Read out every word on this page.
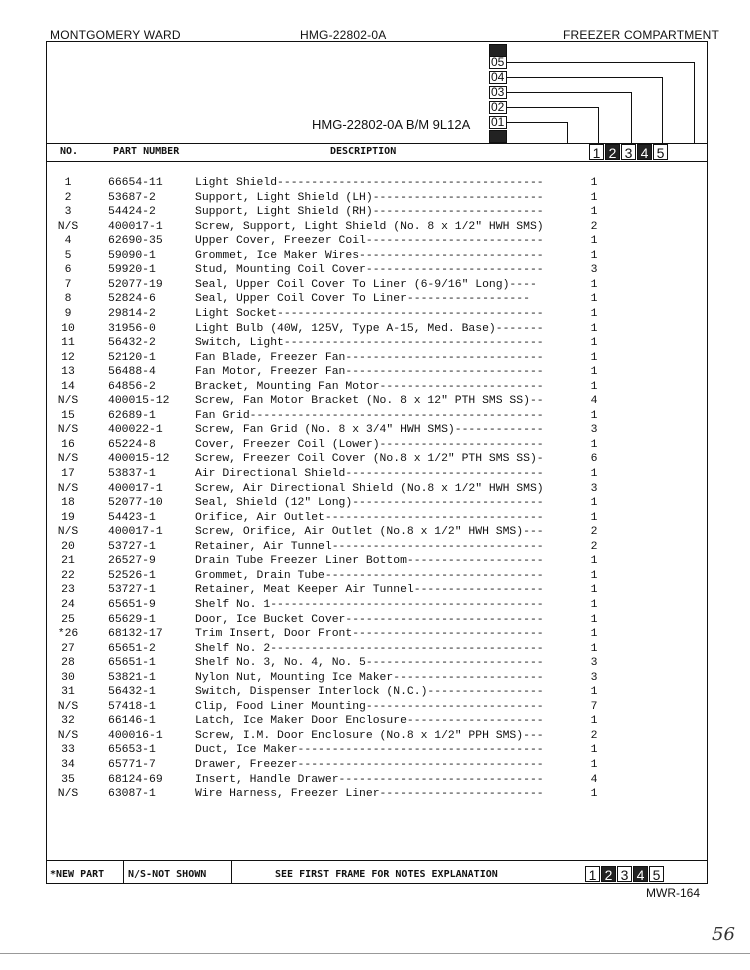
MONTGOMERY WARD	HMG-22802-0A	FREEZER COMPARTMENT
05
04
03
02
01
HMG-22802-0A B/M 9L12A
NO.	PART NUMBER	DESCRIPTION	1 2 3 4 5
1	66654-11	Light Shield---------------------------------------	1
2	53687-2	Support, Light Shield (LH)-------------------------	1
3	54424-2	Support, Light Shield (RH)-------------------------	1
N/S	400017-1	Screw, Support, Light Shield (No. 8 x 1/2" HWH SMS)	2
4	62690-35	Upper Cover, Freezer Coil--------------------------	1
5	59090-1	Grommet, Ice Maker Wires---------------------------	1
6	59920-1	Stud, Mounting Coil Cover--------------------------	3
7	52077-19	Seal, Upper Coil Cover To Liner (6-9/16" Long)----	1
8	52824-6	Seal, Upper Coil Cover To Liner------------------	1
9	29814-2	Light Socket---------------------------------------	1
10	31956-0	Light Bulb (40W, 125V, Type A-15, Med. Base)-------	1
11	56432-2	Switch, Light--------------------------------------	1
12	52120-1	Fan Blade, Freezer Fan-----------------------------	1
13	56488-4	Fan Motor, Freezer Fan-----------------------------	1
14	64856-2	Bracket, Mounting Fan Motor------------------------	1
N/S	400015-12 Screw, Fan Motor Bracket (No. 8 x 12" PTH SMS SS)--	4
15	62689-1	Fan Grid-------------------------------------------	1
N/S	400022-1	Screw, Fan Grid (No. 8 x 3/4" HWH SMS)-------------	3
16	65224-8	Cover, Freezer Coil (Lower)------------------------	1
N/S	400015-12 Screw, Freezer Coil Cover (No.8 x 1/2" PTH SMS SS)-	6
17	53837-1	Air Directional Shield-----------------------------	1
N/S	400017-1	Screw, Air Directional Shield (No.8 x 1/2" HWH SMS)	3
18	52077-10	Seal, Shield (12" Long)----------------------------	1
19	54423-1	Orifice, Air Outlet--------------------------------	1
N/S	400017-1	Screw, Orifice, Air Outlet (No.8 x 1/2" HWH SMS)---	2
20	53727-1	Retainer, Air Tunnel-------------------------------	2
21	26527-9	Drain Tube Freezer Liner Bottom--------------------	1
22	52526-1	Grommet, Drain Tube--------------------------------	1
23	53727-1	Retainer, Meat Keeper Air Tunnel-------------------	1
24	65651-9	Shelf No. 1----------------------------------------	1
25	65629-1	Door, Ice Bucket Cover-----------------------------	1
*26	68132-17	Trim Insert, Door Front----------------------------	1
27	65651-2	Shelf No. 2----------------------------------------	1
28	65651-1	Shelf No. 3, No. 4, No. 5--------------------------	3
30	53821-1	Nylon Nut, Mounting Ice Maker----------------------	3
31	56432-1	Switch, Dispenser Interlock (N.C.)-----------------	1
N/S	57418-1	Clip, Food Liner Mounting--------------------------	7
32	66146-1	Latch, Ice Maker Door Enclosure--------------------	1
N/S	400016-1	Screw, I.M. Door Enclosure (No.8 x 1/2" PPH SMS)---	2
33	65653-1	Duct, Ice Maker------------------------------------	1
34	65771-7	Drawer, Freezer------------------------------------	1
35	68124-69	Insert, Handle Drawer------------------------------	4
N/S	63087-1	Wire Harness, Freezer Liner------------------------	1
*NEW PART N/S-NOT SHOWN	SEE FIRST FRAME FOR NOTES EXPLANATION	1 2 3 4 5
MWR-164
56
